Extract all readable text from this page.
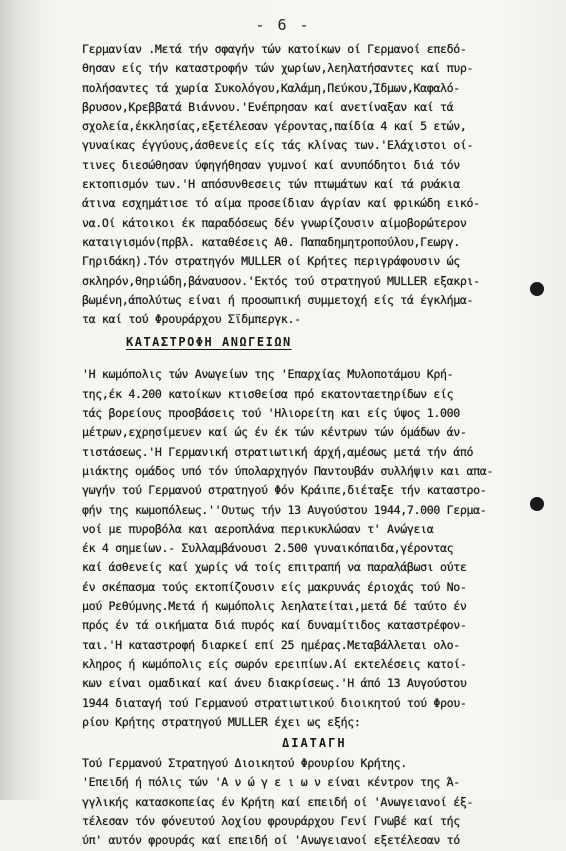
- 6 -
Γερμανίαν .Μετά τήν σφαγήν τών κατοίκων οί Γερμανοί επεδό-
θησαν είς τήν καταστροφήν τών χωρίων,λεηλατήσαντες καί πυρ-
πολήσαντες τά χωρία Συκολόγου,Καλάμη,Πεύκου,Ίδμων,Καφαλό-
βρυσον,Κρεββατά Βιάννου.'Ενέπρησαν καί ανετίναξαν καί τά
σχολεία,έκκλησίας,εξετέλεσαν γέροντας,παίδία 4 καί 5 ετών,
γυναίκας έγγύους,άσθενείς είς τάς κλίνας των.'Ελάχιστοι οί-
τινες διεσώθησαν ύφηγήθησαν γυμνοί καί ανυπόδητοι διά τόν
εκτοπισμόν των.'Η απόσυνθεσεις τών πτωμάτων καί τά ρυάκια
άτινα εσχημάτισε τό αίμα προσείδιαν άγρίαν καί φρικώδη εικό-
να.Οί κάτοικοι έκ παραδόσεως δέν γνωρίζουσιν αίμοβορώτερον
καταιγισμόν(πρβλ. καταθέσεις Αθ. Παπαδημητροπούλου,Γεωργ.
Γηριδάκη).Τόν στρατηγόν MULLER οί Κρήτες περιγράφουσιν ώς
σκληρόν,θηριώδη,βάναυσον.'Εκτός τού στρατηγού MULLER εξακρι-
βωμένη,άπολύτως είναι ή προσωπική συμμετοχή είς τά έγκλήμα-
τα καί τού Φρουράρχου Σϊδμπεργκ.-
ΚΑΤΑΣΤΡΟΦΗ ΑΝΩΓΕΙΩΝ
'Η κωμόπολις τών Ανωγείων της 'Επαρχίας Μυλοποτάμου Κρή-
της,έκ 4.200 κατοίκων κτισθείσα πρό εκατονταετηρίδων είς
τάς βορείους προσβάσεις τού 'Ηλιορείτη και είς ύψος 1.000
μέτρων,εχρησίμευεν καί ώς έν έκ τών κέντρων τών όμάδων άν-
τιστάσεως.'Η Γερμανική στρατιωτική άρχή,αμέσως μετά τήν άπό
μιάκτης ομάδος υπό τόν ύπολαρχηγόν Παντουβάν συλλήψιν και απα-
γωγήν τού Γερμανού στρατηγού Φόν Κράιπε,διέταξε τήν καταστρο-
φήν της κωμοπόλεως.''Ουτως τήν 13 Αυγούστου 1944,7.000 Γερμα-
νοί με πυροβόλα και αεροπλάνα περικυκλώσαν τ' Ανώγεια
έκ 4 σημείων.- Συλλαμβάνουσι 2.500 γυναικόπαιδα,γέροντας
καί άσθενείς καί χωρίς νά τοίς επιτραπή να παραλάβωσι ούτε
έν σκέπασμα τούς εκτοπίζουσιν είς μακρυνάς έριοχάς τού Νο-
μού Ρεθύμνης.Μετά ή κωμόπολις λεηλατείται,μετά δέ ταύτο έν
πρός έν τά οικήματα διά πυρός καί δυναμίτιδος καταστρέφον-
ται.'Η καταστροφή διαρκεί επί 25 ημέρας.Μεταβάλλεται ολο-
κληρος ή κωμόπολις είς σωρόν ερειπίων.Αί εκτελέσεις κατοί-
κων είναι ομαδικαί καί άνευ διακρίσεως.'Η άπό 13 Αυγούστου
1944 διαταγή τού Γερμανού στρατιωτικού διοικητού τού Φρου-
ρίου Κρήτης στρατηγού MULLER έχει ως εξής:
ΔΙΑΤΑΓΗ
Τού Γερμανού Στρατηγού Διοικητού Φρουρίου Κρήτης.
'Επειδή ή πόλις τών 'Α ν ώ γ ε ι ω ν είναι κέντρον της Ά-
γγλικής κατασκοπείας έν Κρήτη καί επειδή οί 'Ανωγειανοί έξ-
τέλεσαν τόν φόνευτού λοχίου φρουράρχου Γενί Γνωβέ καί τής
ύπ' αυτόν φρουράς καί επειδή οί 'Ανωγειανοί εξετέλεσαν τό
